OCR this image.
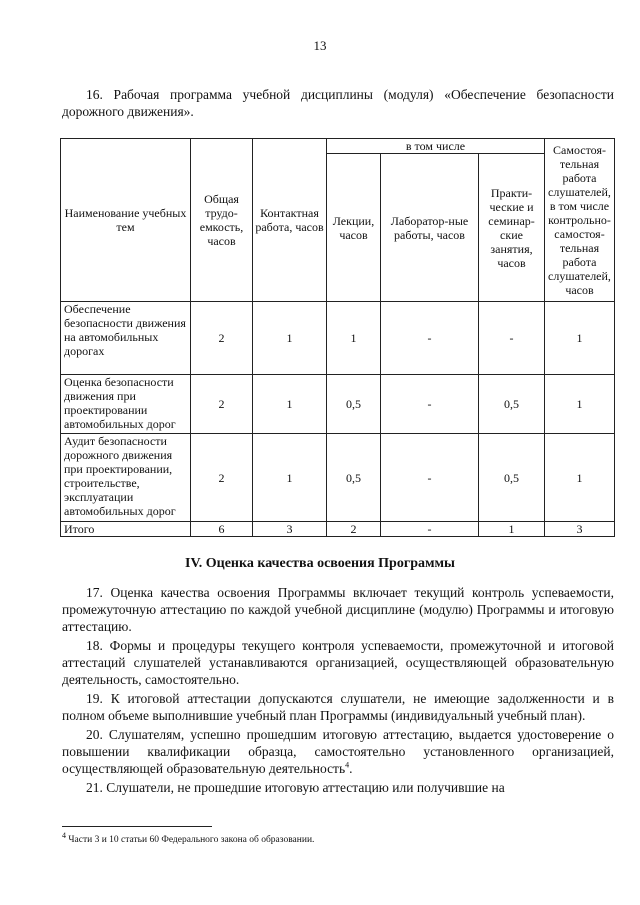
13
16. Рабочая программа учебной дисциплины (модуля) «Обеспечение безопасности дорожного движения».
Наименование учебных тем	Общая трудо-емкость, часов	Контактная работа, часов	в том числе			Самостоя-тельная работа слушателей, в том числе контрольно-самостоя-тельная работа слушателей, часов
			Лекции, часов	Лаборатор-ные работы, часов	Практи-ческие и семинар-ские занятия, часов	
Обеспечение безопасности движения на автомобильных дорогах	2	1	1	-	-	1
Оценка безопасности движения при проектировании автомобильных дорог	2	1	0,5	-	0,5	1
Аудит безопасности дорожного движения при проектировании, строительстве, эксплуатации автомобильных дорог	2	1	0,5	-	0,5	1
Итого	6	3	2	-	1	3
IV. Оценка качества освоения Программы

17. Оценка качества освоения Программы включает текущий контроль успеваемости, промежуточную аттестацию по каждой учебной дисциплине (модулю) Программы и итоговую аттестацию.

18. Формы и процедуры текущего контроля успеваемости, промежуточной и итоговой аттестаций слушателей устанавливаются организацией, осуществляющей образовательную деятельность, самостоятельно.

19. К итоговой аттестации допускаются слушатели, не имеющие задолженности и в полном объеме выполнившие учебный план Программы (индивидуальный учебный план).

20. Слушателям, успешно прошедшим итоговую аттестацию, выдается удостоверение о повышении квалификации образца, самостоятельно установленного организацией, осуществляющей образовательную деятельность$^4$.

21. Слушатели, не прошедшие итоговую аттестацию или получившие на

$^4$ Части 3 и 10 статьи 60 Федерального закона об образовании.
